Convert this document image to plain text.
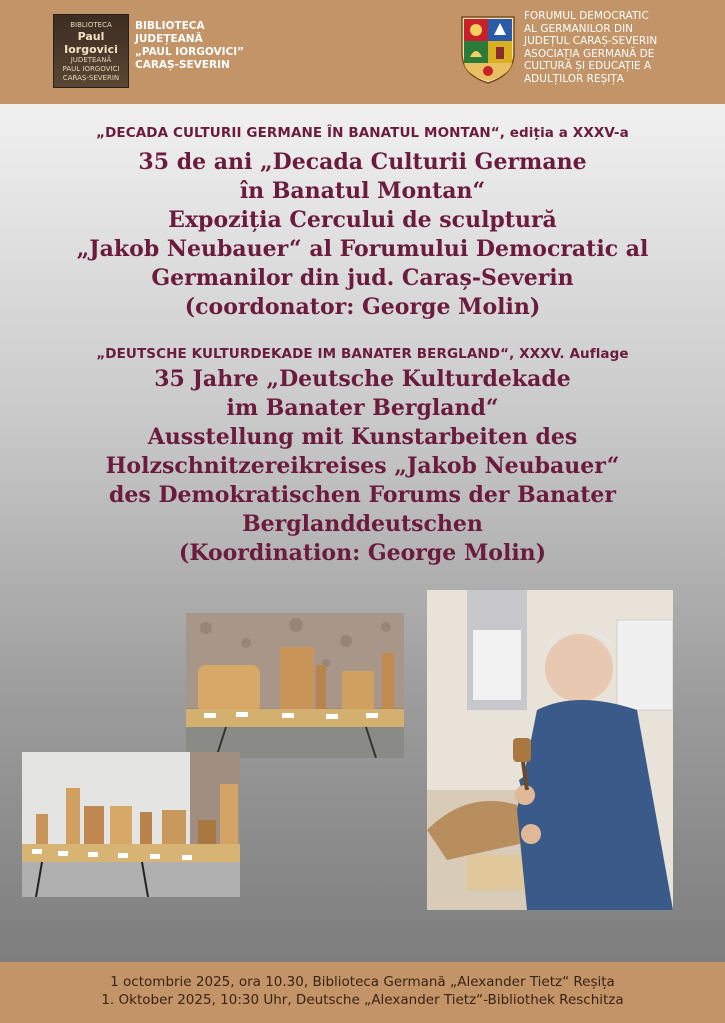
BIBLIOTECA
Paul Iorgovici
JUDEȚEANĂ
PAUL IORGOVICI
CARAȘ-SEVERIN
BIBLIOTECA
JUDEȚEANĂ
„PAUL IORGOVICI”
CARAȘ-SEVERIN
FORUMUL DEMOCRATIC
AL GERMANILOR DIN
JUDEȚUL CARAȘ-SEVERIN
ASOCIAȚIA GERMANĂ DE
CULTURĂ ȘI EDUCAȚIE A
ADULȚILOR REȘIȚA
„DECADA CULTURII GERMANE ÎN BANATUL MONTAN“, ediția a XXXV-a
35 de ani „Decada Culturii Germane
în Banatul Montan“
Expoziția Cercului de sculptură
„Jakob Neubauer“ al Forumului Democratic al
Germanilor din jud. Caraș-Severin
(coordonator: George Molin)
„DEUTSCHE KULTURDEKADE IM BANATER BERGLAND“, XXXV. Auflage
35 Jahre „Deutsche Kulturdekade
im Banater Bergland“
Ausstellung mit Kunstarbeiten des
Holzschnitzereikreises „Jakob Neubauer“
des Demokratischen Forums der Banater
Berglanddeutschen
(Koordination: George Molin)
1 octombrie 2025, ora 10.30, Biblioteca Germană „Alexander Tietz“ Reșița
1. Oktober 2025, 10:30 Uhr, Deutsche „Alexander Tietz“-Bibliothek Reschitza
